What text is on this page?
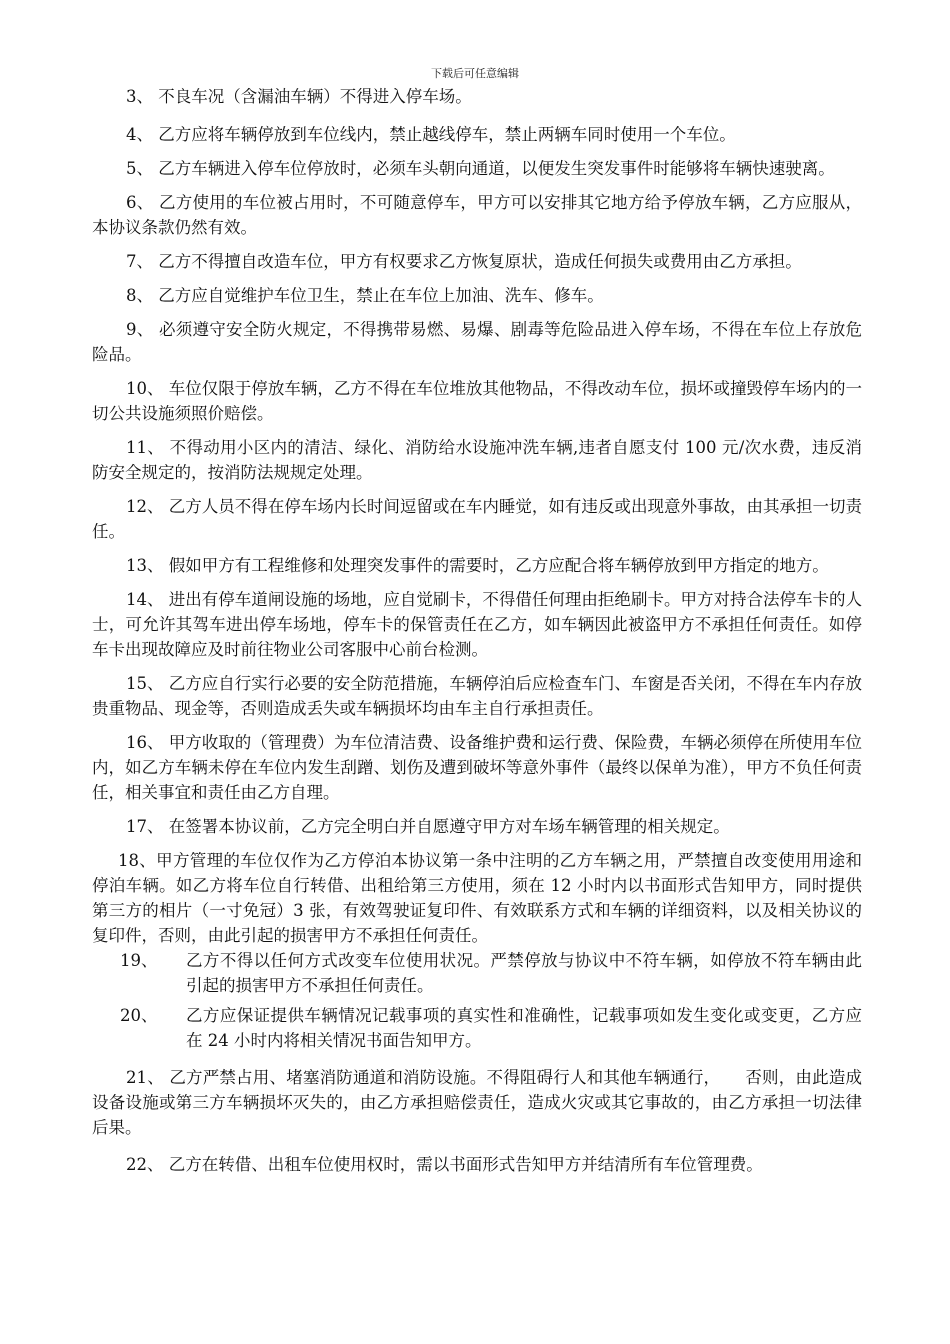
下载后可任意编辑

3、 不良车况（含漏油车辆）不得进入停车场。

4、 乙方应将车辆停放到车位线内，禁止越线停车，禁止两辆车同时使用一个车位。

5、 乙方车辆进入停车位停放时，必须车头朝向通道，以便发生突发事件时能够将车辆快速驶离。

6、 乙方使用的车位被占用时，不可随意停车，甲方可以安排其它地方给予停放车辆，乙方应服从，本协议条款仍然有效。

7、 乙方不得擅自改造车位，甲方有权要求乙方恢复原状，造成任何损失或费用由乙方承担。

8、 乙方应自觉维护车位卫生，禁止在车位上加油、洗车、修车。

9、 必须遵守安全防火规定，不得携带易燃、易爆、剧毒等危险品进入停车场，不得在车位上存放危险品。

10、 车位仅限于停放车辆，乙方不得在车位堆放其他物品，不得改动车位，损坏或撞毁停车场内的一切公共设施须照价赔偿。

11、 不得动用小区内的清洁、绿化、消防给水设施冲洗车辆,违者自愿支付 100 元/次水费，违反消防安全规定的，按消防法规规定处理。

12、 乙方人员不得在停车场内长时间逗留或在车内睡觉，如有违反或出现意外事故，由其承担一切责任。

13、 假如甲方有工程维修和处理突发事件的需要时，乙方应配合将车辆停放到甲方指定的地方。

14、 进出有停车道闸设施的场地，应自觉刷卡，不得借任何理由拒绝刷卡。甲方对持合法停车卡的人士，可允许其驾车进出停车场地，停车卡的保管责任在乙方，如车辆因此被盗甲方不承担任何责任。如停车卡出现故障应及时前往物业公司客服中心前台检测。

15、 乙方应自行实行必要的安全防范措施，车辆停泊后应检查车门、车窗是否关闭，不得在车内存放贵重物品、现金等，否则造成丢失或车辆损坏均由车主自行承担责任。

16、 甲方收取的（管理费）为车位清洁费、设备维护费和运行费、保险费，车辆必须停在所使用车位内，如乙方车辆未停在车位内发生刮蹭、划伤及遭到破坏等意外事件（最终以保单为准），甲方不负任何责任，相关事宜和责任由乙方自理。

17、 在签署本协议前，乙方完全明白并自愿遵守甲方对车场车辆管理的相关规定。

18、甲方管理的车位仅作为乙方停泊本协议第一条中注明的乙方车辆之用，严禁擅自改变使用用途和停泊车辆。如乙方将车位自行转借、出租给第三方使用，须在 12 小时内以书面形式告知甲方，同时提供第三方的相片（一寸免冠）3 张，有效驾驶证复印件、有效联系方式和车辆的详细资料，以及相关协议的复印件，否则，由此引起的损害甲方不承担任何责任。

19、	乙方不得以任何方式改变车位使用状况。严禁停放与协议中不符车辆，如停放不符车辆由此引起的损害甲方不承担任何责任。

20、	乙方应保证提供车辆情况记载事项的真实性和准确性，记载事项如发生变化或变更，乙方应在 24 小时内将相关情况书面告知甲方。

21、 乙方严禁占用、堵塞消防通道和消防设施。不得阻碍行人和其他车辆通行，　　否则，由此造成设备设施或第三方车辆损坏灭失的，由乙方承担赔偿责任，造成火灾或其它事故的，由乙方承担一切法律后果。

22、 乙方在转借、出租车位使用权时，需以书面形式告知甲方并结清所有车位管理费。
